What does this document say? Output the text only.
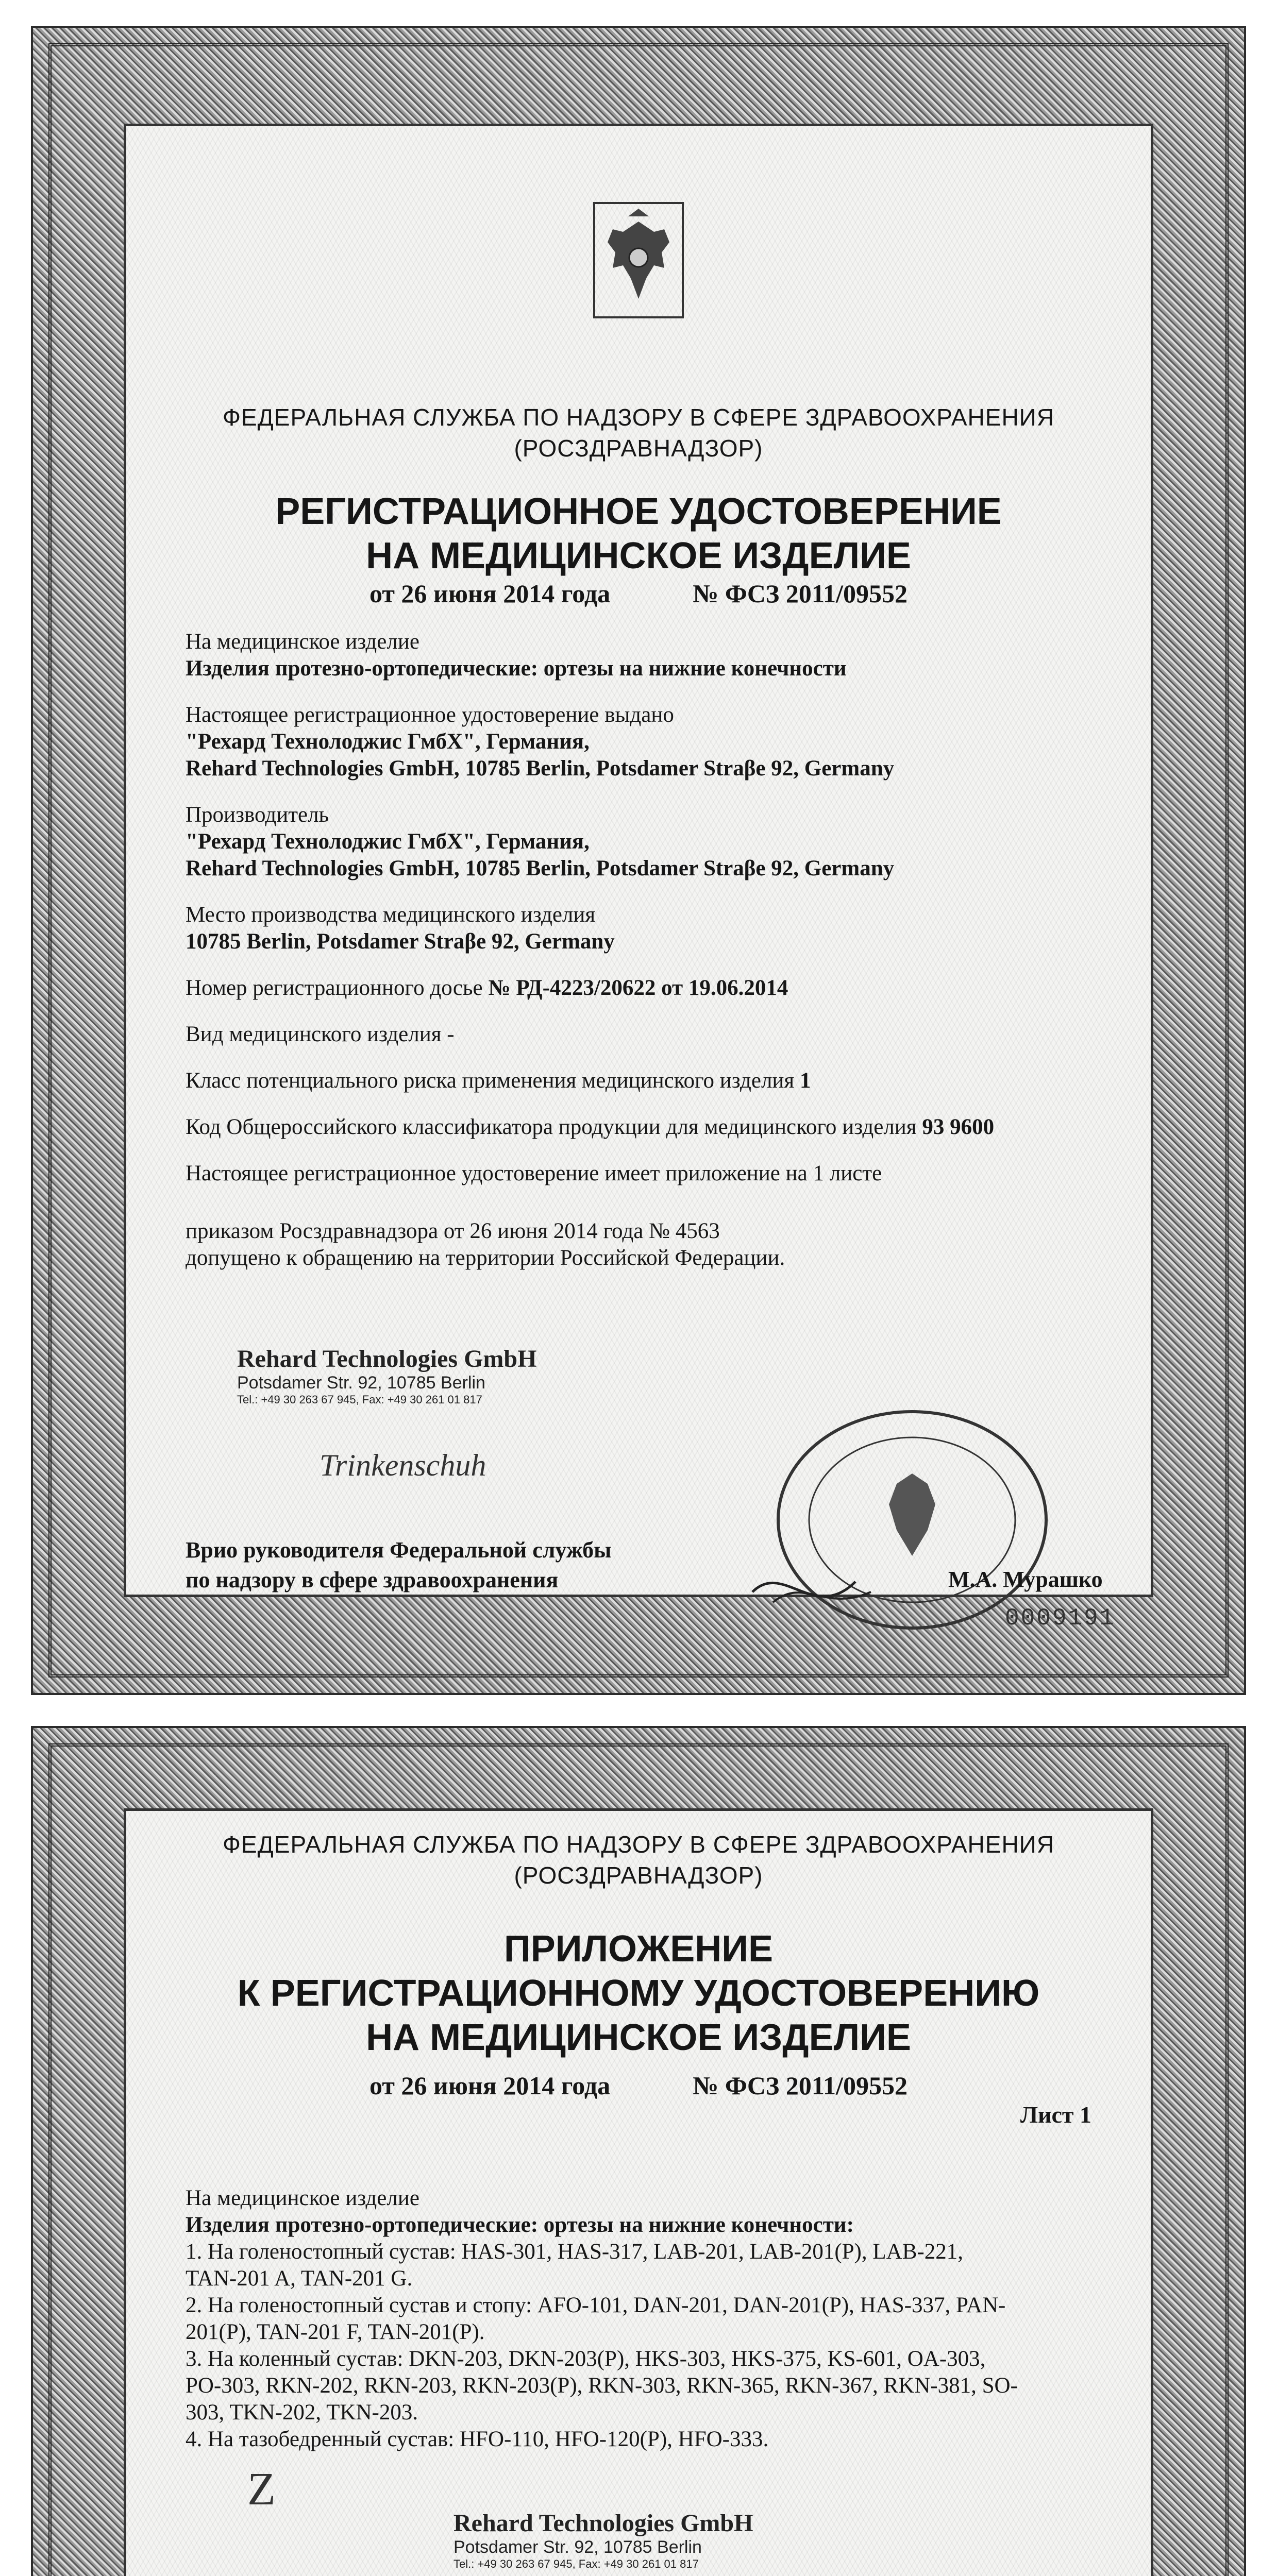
ФЕДЕРАЛЬНАЯ СЛУЖБА ПО НАДЗОРУ В СФЕРЕ ЗДРАВООХРАНЕНИЯ
(РОСЗДРАВНАДЗОР)
РЕГИСТРАЦИОННОЕ УДОСТОВЕРЕНИЕ
НА МЕДИЦИНСКОЕ ИЗДЕЛИЕ
от 26 июня 2014 года	№ ФСЗ 2011/09552

На медицинское изделие

Изделия протезно-ортопедические: ортезы на нижние конечности

Настоящее регистрационное удостоверение выдано

"Рехард Технолоджис ГмбХ", Германия,

Rehard Technologies GmbH, 10785 Berlin, Potsdamer Straβe 92, Germany

Производитель

"Рехард Технолоджис ГмбХ", Германия,

Rehard Technologies GmbH, 10785 Berlin, Potsdamer Straβe 92, Germany

Место производства медицинского изделия

10785 Berlin, Potsdamer Straβe 92, Germany

Номер регистрационного досье № РД-4223/20622 от 19.06.2014

Вид медицинского изделия -

Класс потенциального риска применения медицинского изделия 1

Код Общероссийского классификатора продукции для медицинского изделия 93 9600

Настоящее регистрационное удостоверение имеет приложение на 1 листе

приказом Росздравнадзора от 26 июня 2014 года № 4563

допущено к обращению на территории Российской Федерации.

Rehard Technologies GmbH
Potsdamer Str. 92, 10785 Berlin
Tel.: +49 30 263 67 945, Fax: +49 30 261 01 817
Trinkenschuh
Врио руководителя Федеральной службы
по надзору в сфере здравоохранения	М.А. Мурашко
0009191
ФЕДЕРАЛЬНАЯ СЛУЖБА ПО НАДЗОРУ В СФЕРЕ ЗДРАВООХРАНЕНИЯ
(РОСЗДРАВНАДЗОР)
ПРИЛОЖЕНИЕ
К РЕГИСТРАЦИОННОМУ УДОСТОВЕРЕНИЮ
НА МЕДИЦИНСКОЕ ИЗДЕЛИЕ
от 26 июня 2014 года	№ ФСЗ 2011/09552
Лист 1

На медицинское изделие

Изделия протезно-ортопедические: ортезы на нижние конечности:

1. На голеностопный сустав: HAS-301, HAS-317, LAB-201, LAB-201(P), LAB-221,

TAN-201 A, TAN-201 G.

2. На голеностопный сустав и стопу: AFO-101, DAN-201, DAN-201(P), HAS-337, PAN-

201(P), TAN-201 F, TAN-201(P).

3. На коленный сустав: DKN-203, DKN-203(P), HKS-303, HKS-375, KS-601, OA-303,

PO-303, RKN-202, RKN-203, RKN-203(P), RKN-303, RKN-365, RKN-367, RKN-381, SO-

303, TKN-202, TKN-203.

4. На тазобедренный сустав: HFO-110, HFO-120(P), HFO-333.

Z
Rehard Technologies GmbH
Potsdamer Str. 92, 10785 Berlin
Tel.: +49 30 263 67 945, Fax: +49 30 261 01 817
